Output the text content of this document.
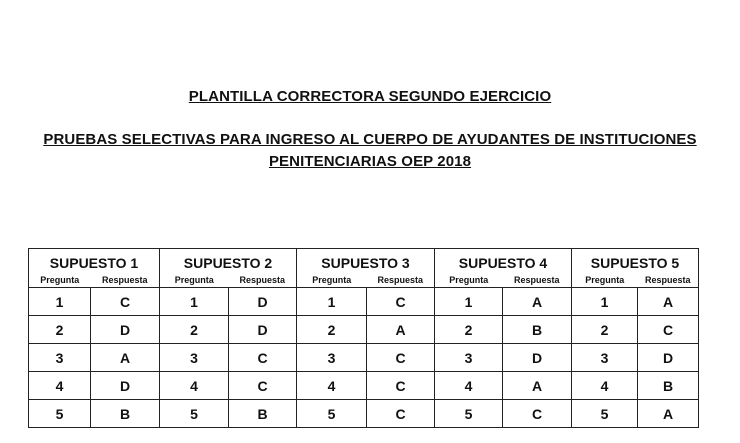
PLANTILLA CORRECTORA SEGUNDO EJERCICIO
PRUEBAS SELECTIVAS PARA INGRESO AL CUERPO DE AYUDANTES DE INSTITUCIONES
PENITENCIARIAS OEP 2018
SUPUESTO 1		SUPUESTO 2		SUPUESTO 3		SUPUESTO 4		SUPUESTO 5	
Pregunta	Respuesta	Pregunta	Respuesta	Pregunta	Respuesta	Pregunta	Respuesta	Pregunta	Respuesta
1	C	1	D	1	C	1	A	1	A
2	D	2	D	2	A	2	B	2	C
3	A	3	C	3	C	3	D	3	D
4	D	4	C	4	C	4	A	4	B
5	B	5	B	5	C	5	C	5	A
